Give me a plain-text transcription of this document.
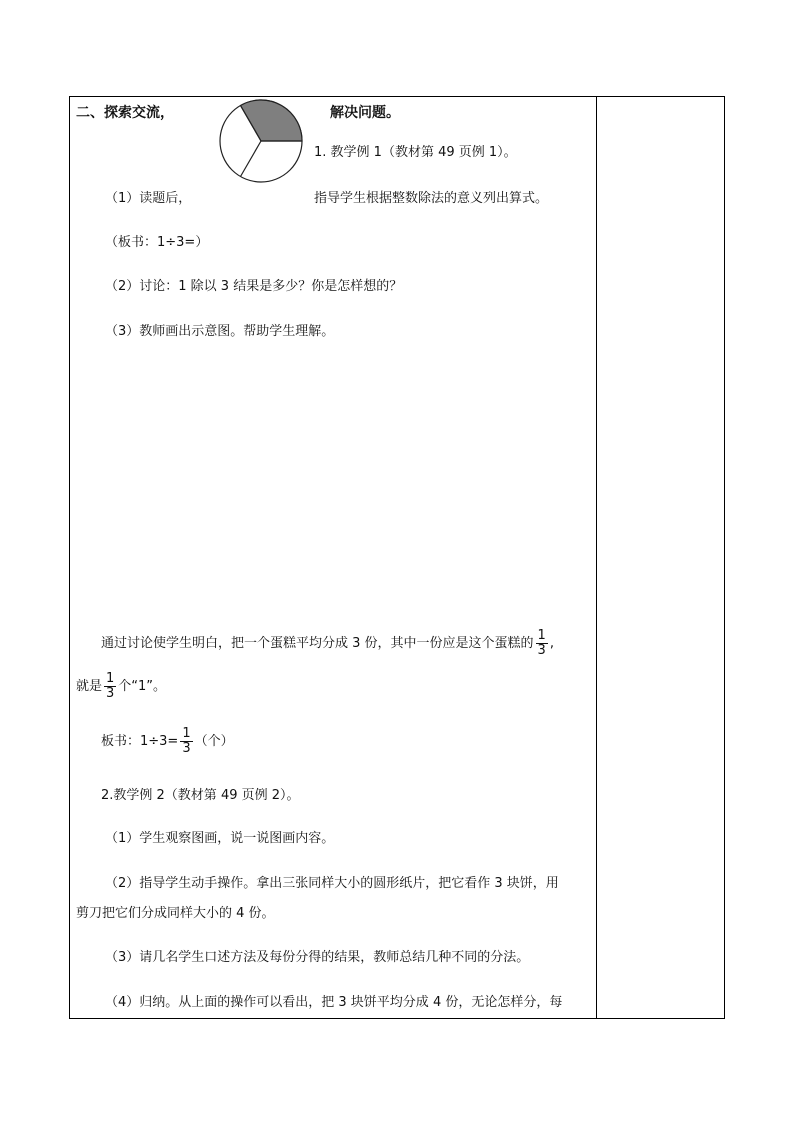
二、探索交流，	解决问题。
1. 教学例 1（教材第 49 页例 1）。
（1）读题后，	指导学生根据整数除法的意义列出算式。
（板书：1÷3=）
（2）讨论：1 除以 3 结果是多少？你是怎样想的？
（3）教师画出示意图。帮助学生理解。
通过讨论使学生明白，把一个蛋糕平均分成 3 份，其中一份应是这个蛋糕的 $\frac{1}{3}$ ,
就是 $\frac{1}{3}$ 个“1”。
板书：$1\div 3= \frac{1}{3}$ （个）
2.教学例 2（教材第 49 页例 2）。
（1）学生观察图画，说一说图画内容。
（2）指导学生动手操作。拿出三张同样大小的圆形纸片，把它看作 3 块饼，用
剪刀把它们分成同样大小的 4 份。
（3）请几名学生口述方法及每份分得的结果，教师总结几种不同的分法。
（4）归纳。从上面的操作可以看出，把 3 块饼平均分成 4 份，无论怎样分，每
